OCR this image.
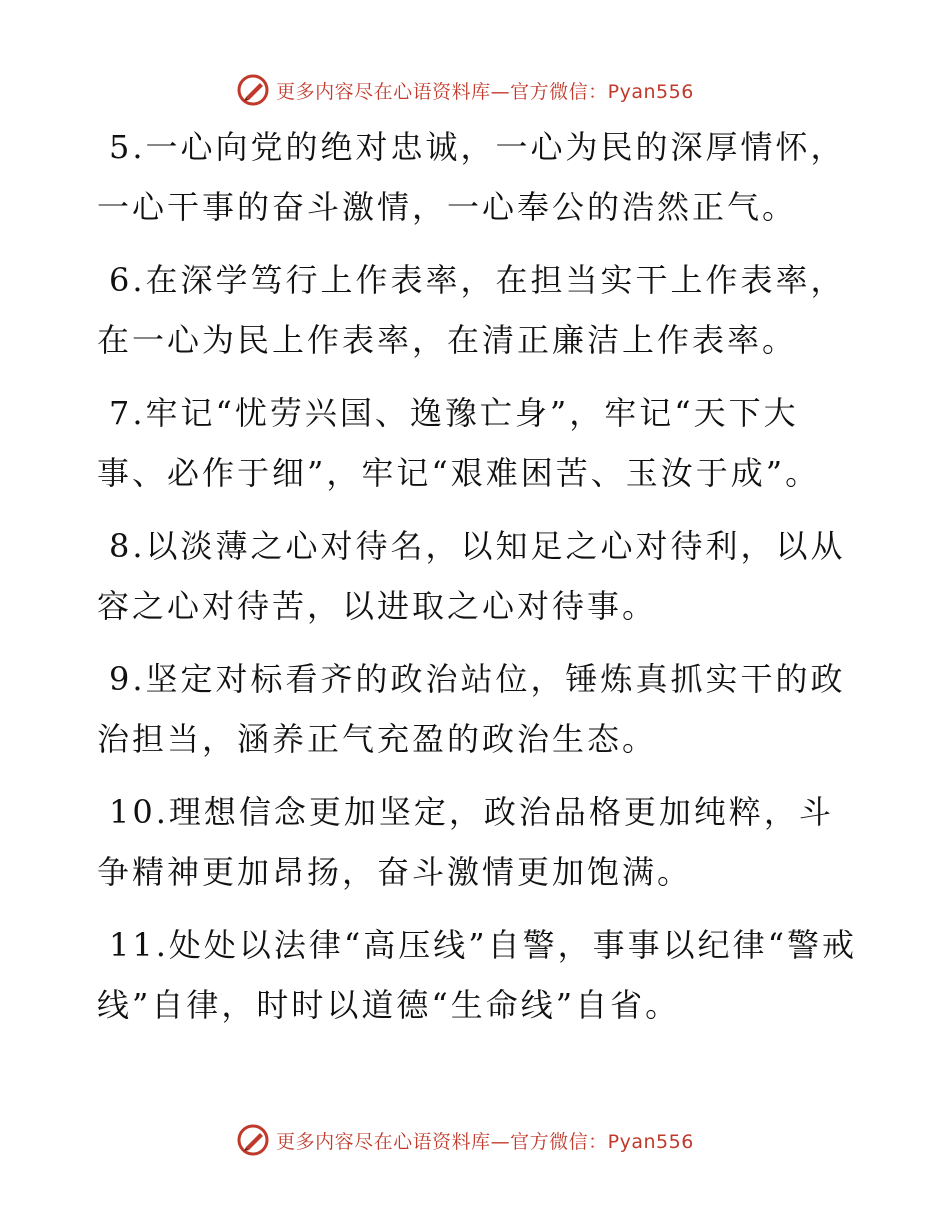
更多内容尽在心语资料库—官方微信：Pyan556

5.一心向党的绝对忠诚，一心为民的深厚情怀，一心干事的奋斗激情，一心奉公的浩然正气。

6.在深学笃行上作表率，在担当实干上作表率，在一心为民上作表率，在清正廉洁上作表率。

7.牢记“忧劳兴国、逸豫亡身”，牢记“天下大事、必作于细”，牢记“艰难困苦、玉汝于成”。

8.以淡薄之心对待名，以知足之心对待利，以从容之心对待苦，以进取之心对待事。

9.坚定对标看齐的政治站位，锤炼真抓实干的政治担当，涵养正气充盈的政治生态。

10.理想信念更加坚定，政治品格更加纯粹，斗争精神更加昂扬，奋斗激情更加饱满。

11.处处以法律“高压线”自警，事事以纪律“警戒线”自律，时时以道德“生命线”自省。

更多内容尽在心语资料库—官方微信：Pyan556
